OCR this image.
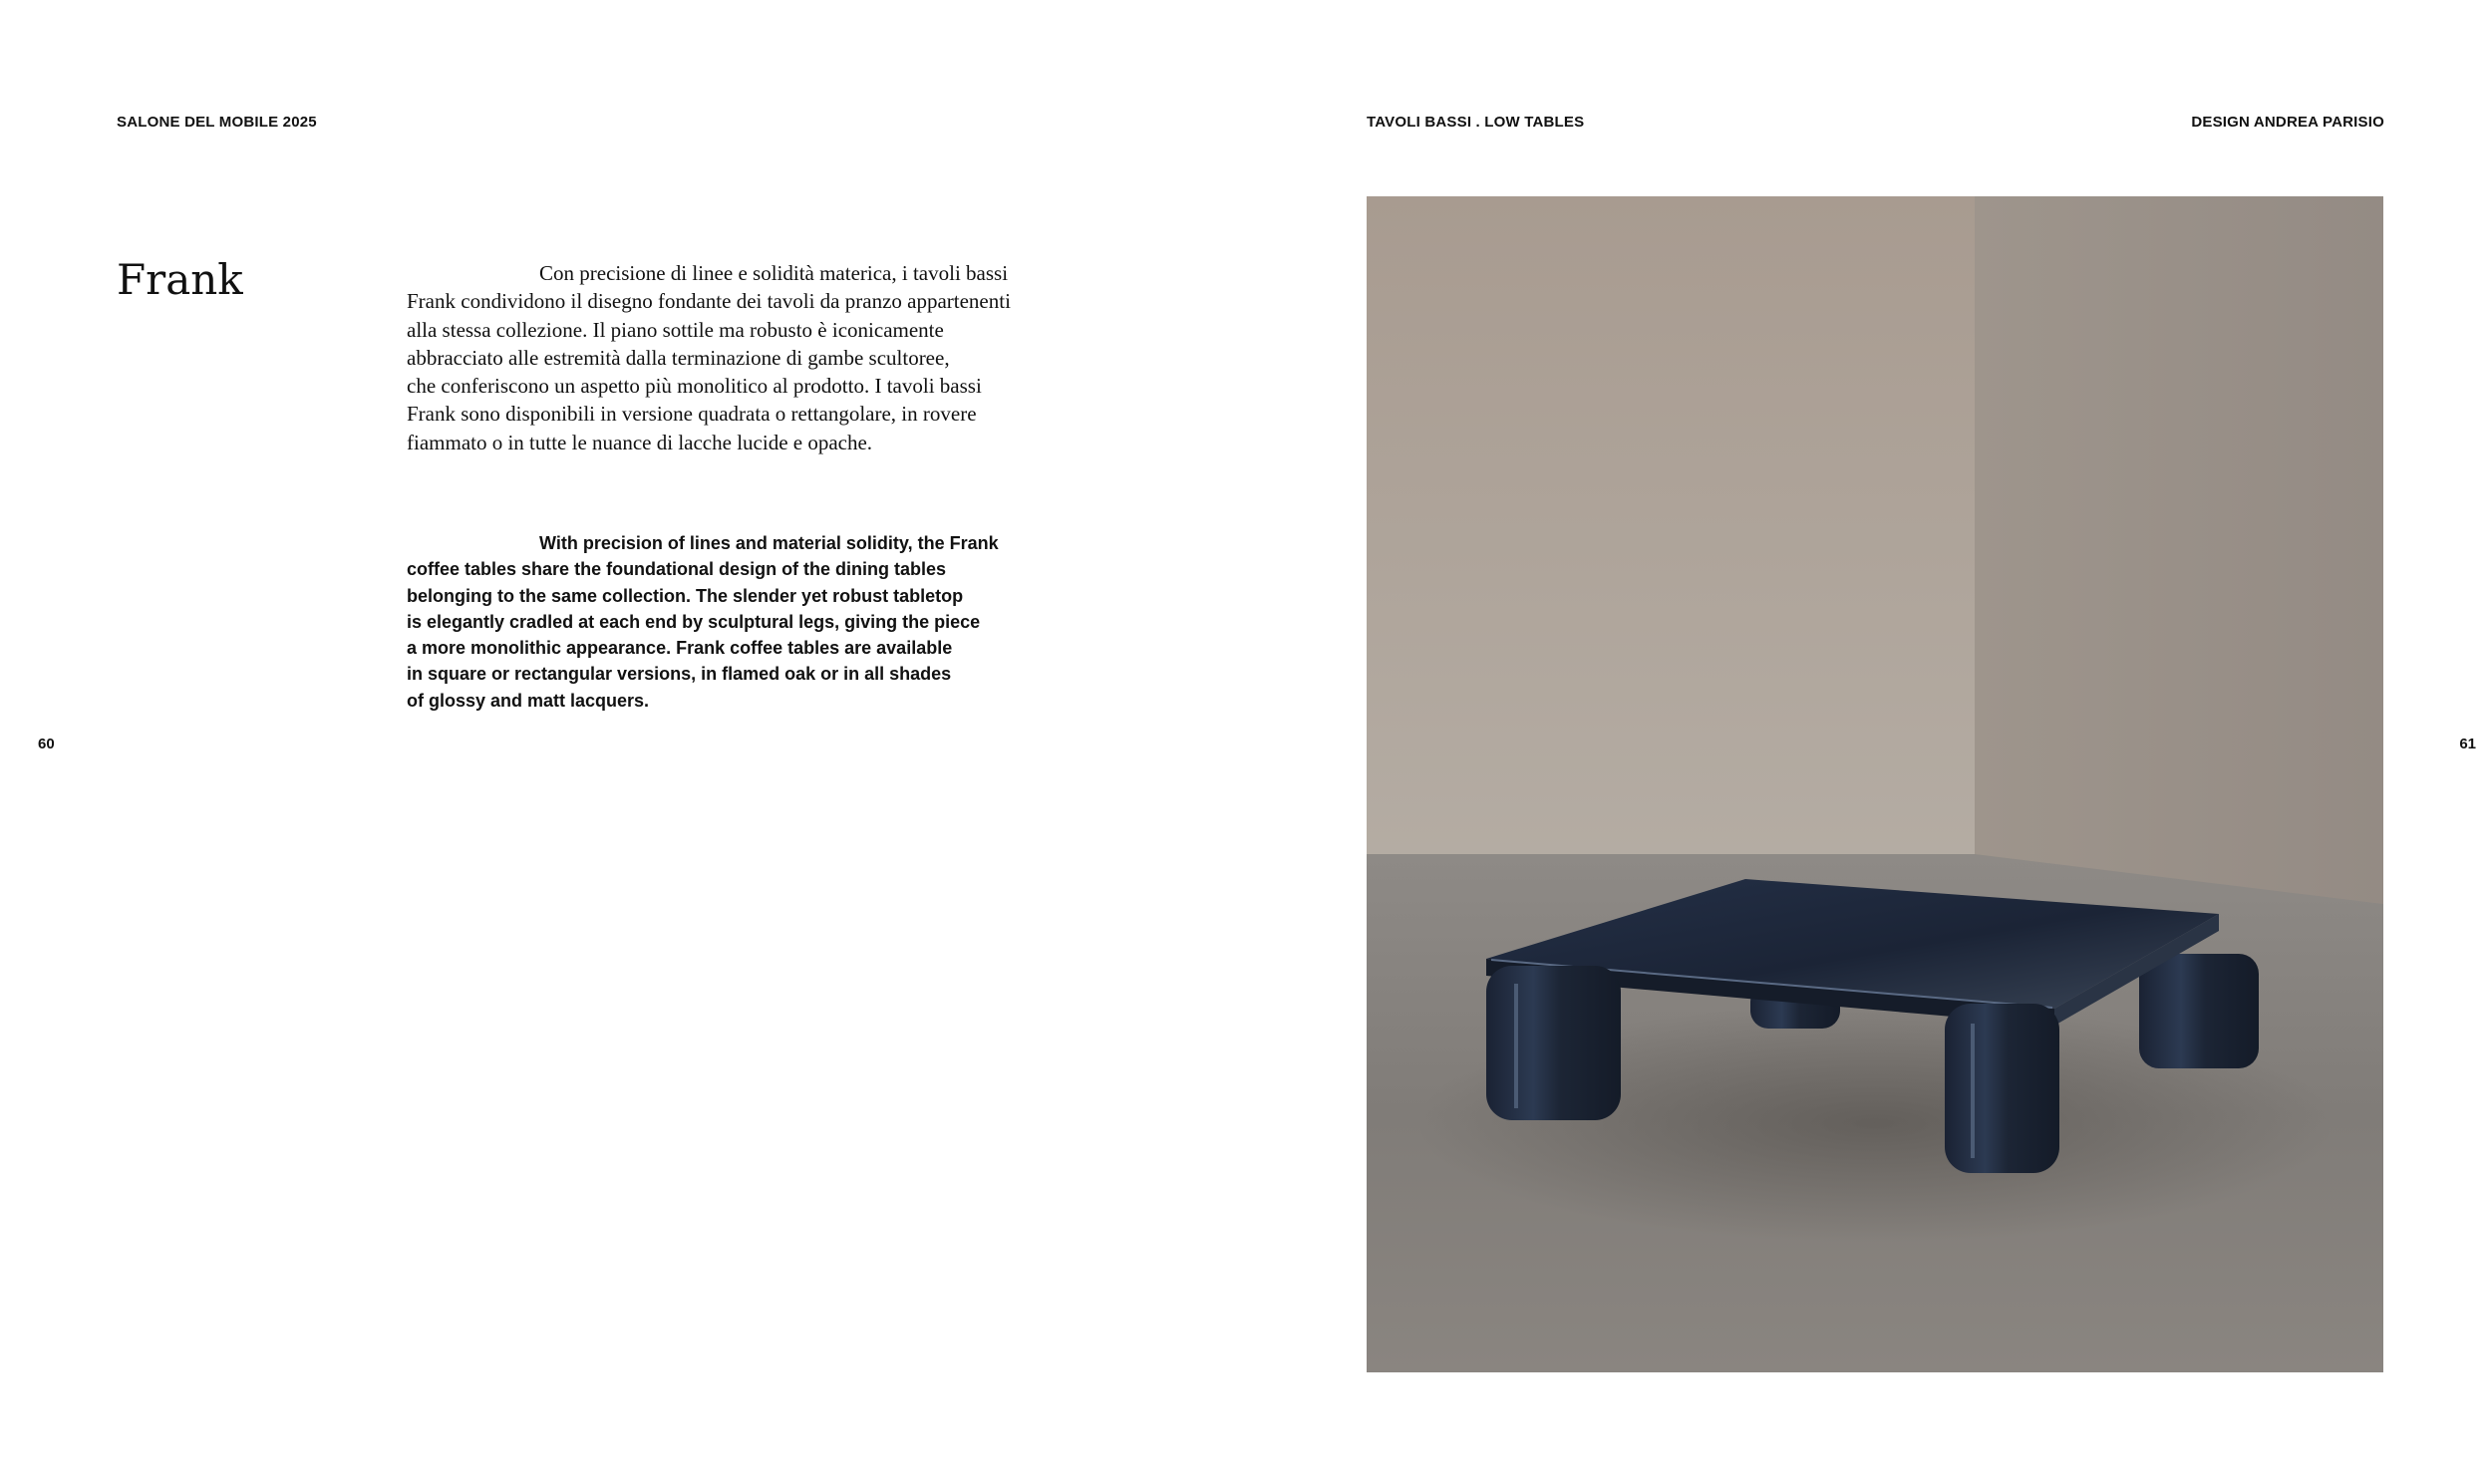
SALONE DEL MOBILE 2025	TAVOLI BASSI . LOW TABLES	DESIGN ANDREA PARISIO
60	61
Frank	Con precisione di linee e solidità materica, i tavoli bassi
Frank condividono il disegno fondante dei tavoli da pranzo appartenenti
alla stessa collezione. Il piano sottile ma robusto è iconicamente
abbracciato alle estremità dalla terminazione di gambe scultoree,
che conferiscono un aspetto più monolitico al prodotto. I tavoli bassi
Frank sono disponibili in versione quadrata o rettangolare, in rovere
fiammato o in tutte le nuance di lacche lucide e opache.
With precision of lines and material solidity, the Frank
coffee tables share the foundational design of the dining tables
belonging to the same collection. The slender yet robust tabletop
is elegantly cradled at each end by sculptural legs, giving the piece
a more monolithic appearance. Frank coffee tables are available
in square or rectangular versions, in flamed oak or in all shades
of glossy and matt lacquers.
